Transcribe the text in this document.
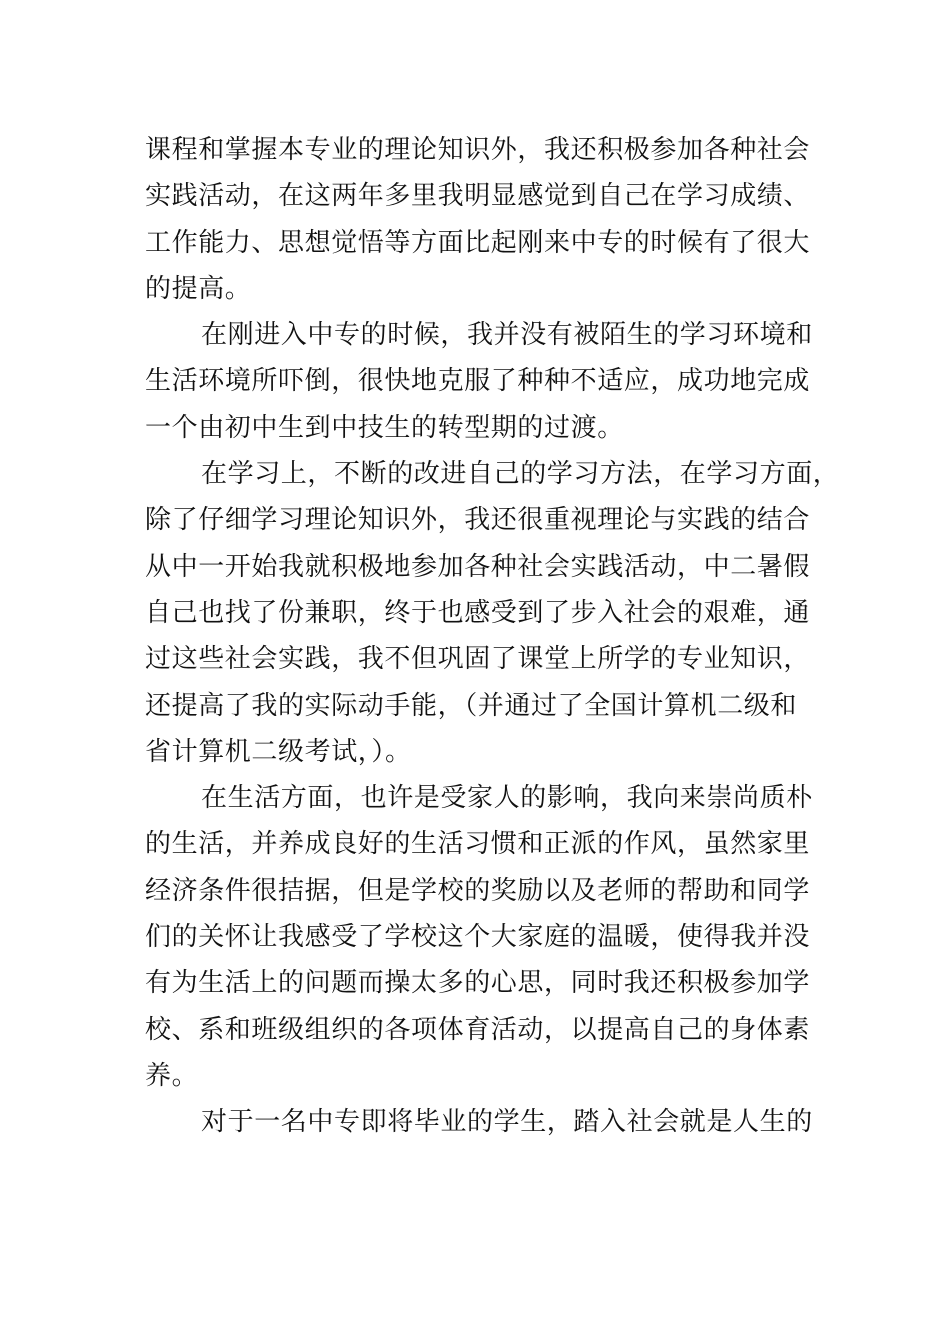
课程和掌握本专业的理论知识外，我还积极参加各种社会
实践活动，在这两年多里我明显感觉到自己在学习成绩、
工作能力、思想觉悟等方面比起刚来中专的时候有了很大
的提高。
在刚进入中专的时候，我并没有被陌生的学习环境和
生活环境所吓倒，很快地克服了种种不适应，成功地完成
一个由初中生到中技生的转型期的过渡。
在学习上，不断的改进自己的学习方法，在学习方面，
除了仔细学习理论知识外，我还很重视理论与实践的结合
从中一开始我就积极地参加各种社会实践活动，中二暑假
自己也找了份兼职，终于也感受到了步入社会的艰难，通
过这些社会实践，我不但巩固了课堂上所学的专业知识，
还提高了我的实际动手能，（并通过了全国计算机二级和
省计算机二级考试，）。
在生活方面，也许是受家人的影响，我向来崇尚质朴
的生活，并养成良好的生活习惯和正派的作风，虽然家里
经济条件很拮据，但是学校的奖励以及老师的帮助和同学
们的关怀让我感受了学校这个大家庭的温暖，使得我并没
有为生活上的问题而操太多的心思，同时我还积极参加学
校、系和班级组织的各项体育活动，以提高自己的身体素
养。
对于一名中专即将毕业的学生，踏入社会就是人生的
